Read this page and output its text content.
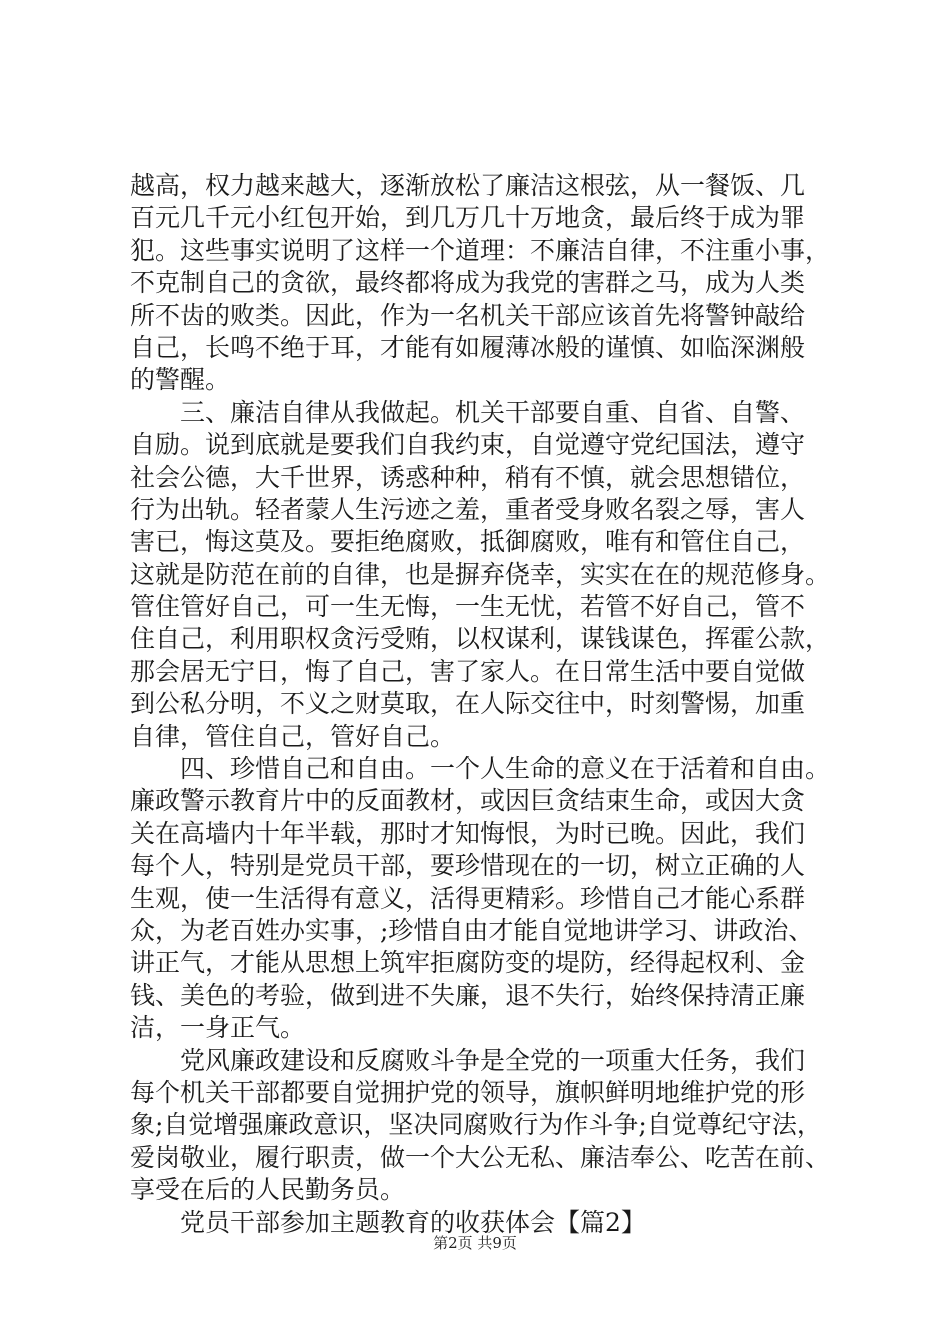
越高，权力越来越大，逐渐放松了廉洁这根弦，从一餐饭、几
百元几千元小红包开始，到几万几十万地贪，最后终于成为罪
犯。这些事实说明了这样一个道理：不廉洁自律，不注重小事，
不克制自己的贪欲，最终都将成为我党的害群之马，成为人类
所不齿的败类。因此，作为一名机关干部应该首先将警钟敲给
自己，长鸣不绝于耳，才能有如履薄冰般的谨慎、如临深渊般
的警醒。
三、廉洁自律从我做起。机关干部要自重、自省、自警、
自励。说到底就是要我们自我约束，自觉遵守党纪国法，遵守
社会公德，大千世界，诱惑种种，稍有不慎，就会思想错位，
行为出轨。轻者蒙人生污迹之羞，重者受身败名裂之辱，害人
害已，悔这莫及。要拒绝腐败，抵御腐败，唯有和管住自己，
这就是防范在前的自律，也是摒弃侥幸，实实在在的规范修身。
管住管好自己，可一生无悔，一生无忧，若管不好自己，管不
住自己，利用职权贪污受贿，以权谋利，谋钱谋色，挥霍公款，
那会居无宁日，悔了自己，害了家人。在日常生活中要自觉做
到公私分明，不义之财莫取，在人际交往中，时刻警惕，加重
自律，管住自己，管好自己。
四、珍惜自己和自由。一个人生命的意义在于活着和自由。
廉政警示教育片中的反面教材，或因巨贪结束生命，或因大贪
关在高墙内十年半载，那时才知悔恨，为时已晚。因此，我们
每个人，特别是党员干部，要珍惜现在的一切，树立正确的人
生观，使一生活得有意义，活得更精彩。珍惜自己才能心系群
众，为老百姓办实事，;珍惜自由才能自觉地讲学习、讲政治、
讲正气，才能从思想上筑牢拒腐防变的堤防，经得起权利、金
钱、美色的考验，做到进不失廉，退不失行，始终保持清正廉
洁，一身正气。
党风廉政建设和反腐败斗争是全党的一项重大任务，我们
每个机关干部都要自觉拥护党的领导，旗帜鲜明地维护党的形
象;自觉增强廉政意识，坚决同腐败行为作斗争;自觉尊纪守法，
爱岗敬业，履行职责，做一个大公无私、廉洁奉公、吃苦在前、
享受在后的人民勤务员。
党员干部参加主题教育的收获体会【篇2】
第2页 共9页
